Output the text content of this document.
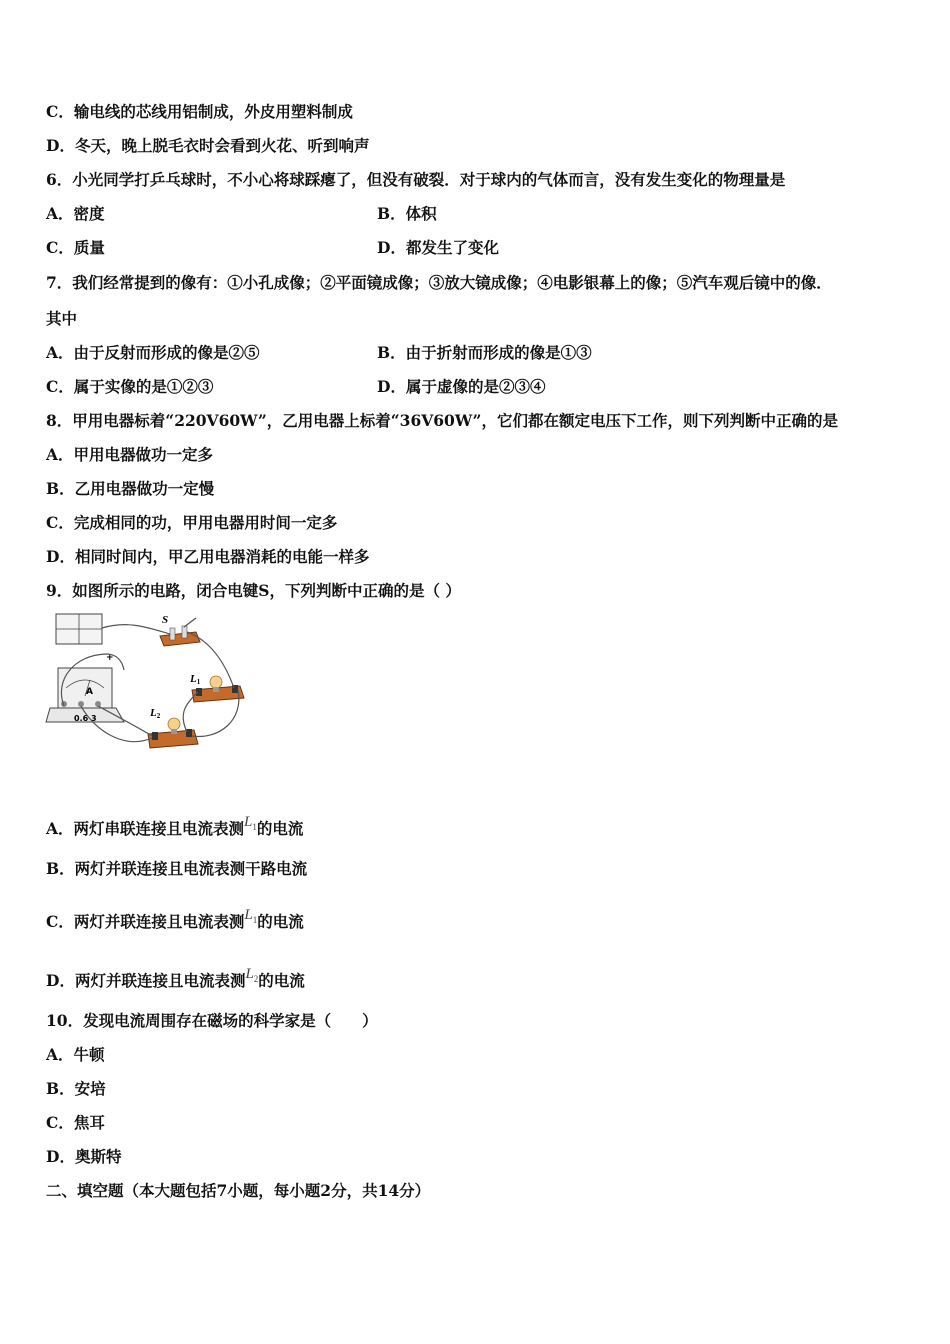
C．输电线的芯线用铝制成，外皮用塑料制成
D．冬天，晚上脱毛衣时会看到火花、听到响声
6．小光同学打乒乓球时，不小心将球踩瘪了，但没有破裂．对于球内的气体而言，没有发生变化的物理量是
A．密度	B．体积
C．质量	D．都发生了变化
7．我们经常提到的像有：①小孔成像；②平面镜成像；③放大镜成像；④电影银幕上的像；⑤汽车观后镜中的像．
其中
A．由于反射而形成的像是②⑤	B．由于折射而形成的像是①③
C．属于实像的是①②③	D．属于虚像的是②③④
8．甲用电器标着“220V60W”，乙用电器上标着“36V60W”，它们都在额定电压下工作，则下列判断中正确的是
A．甲用电器做功一定多
B．乙用电器做功一定慢
C．完成相同的功，甲用电器用时间一定多
D．相同时间内，甲乙用电器消耗的电能一样多
9．如图所示的电路，闭合电键S，下列判断中正确的是（ ）
A
0.6 3
+
S
L1
L2
A．两灯串联连接且电流表测$L_1$的电流
B．两灯并联连接且电流表测干路电流
C．两灯并联连接且电流表测$L_1$的电流
D．两灯并联连接且电流表测$L_2$的电流
10．发现电流周围存在磁场的科学家是（　　）
A．牛顿
B．安培
C．焦耳
D．奥斯特
二、填空题（本大题包括7小题，每小题2分，共14分）
